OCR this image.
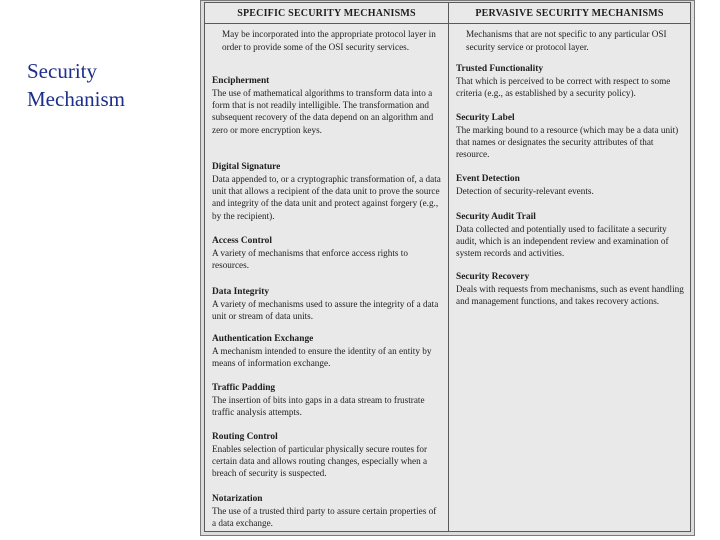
Security
Mechanism
SPECIFIC SECURITY MECHANISMS
May be incorporated into the appropriate protocol layer in order to provide some of the OSI security services.
Encipherment
The use of mathematical algorithms to transform data into a form that is not readily intelligible. The transformation and subsequent recovery of the data depend on an algorithm and zero or more encryption keys.
Digital Signature
Data appended to, or a cryptographic transformation of, a data unit that allows a recipient of the data unit to prove the source and integrity of the data unit and protect against forgery (e.g., by the recipient).
Access Control
A variety of mechanisms that enforce access rights to resources.
Data Integrity
A variety of mechanisms used to assure the integrity of a data unit or stream of data units.
Authentication Exchange
A mechanism intended to ensure the identity of an entity by means of information exchange.
Traffic Padding
The insertion of bits into gaps in a data stream to frustrate traffic analysis attempts.
Routing Control
Enables selection of particular physically secure routes for certain data and allows routing changes, especially when a breach of security is suspected.
Notarization
The use of a trusted third party to assure certain properties of a data exchange.
PERVASIVE SECURITY MECHANISMS
Mechanisms that are not specific to any particular OSI security service or protocol layer.
Trusted Functionality
That which is perceived to be correct with respect to some criteria (e.g., as established by a security policy).
Security Label
The marking bound to a resource (which may be a data unit) that names or designates the security attributes of that resource.
Event Detection
Detection of security-relevant events.
Security Audit Trail
Data collected and potentially used to facilitate a security audit, which is an independent review and examination of system records and activities.
Security Recovery
Deals with requests from mechanisms, such as event handling and management functions, and takes recovery actions.
